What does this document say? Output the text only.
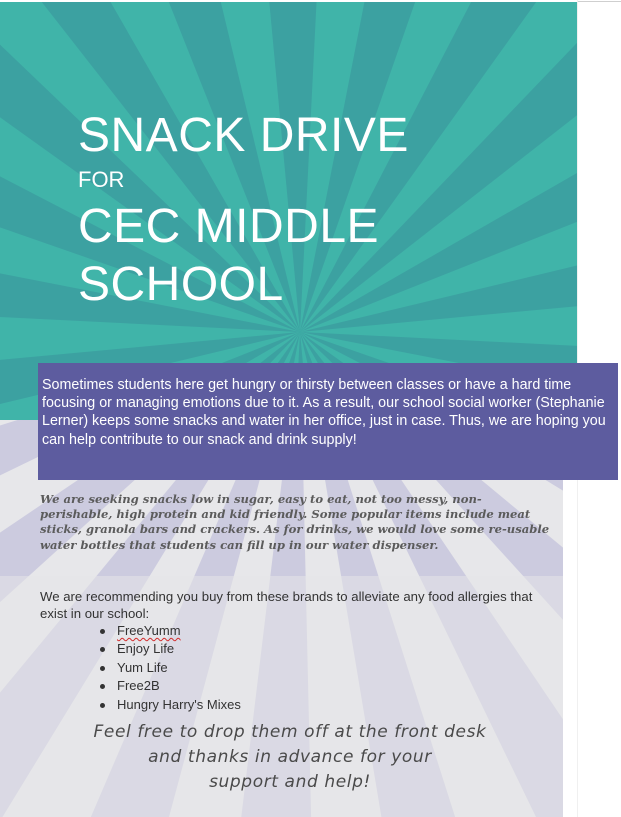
SNACK DRIVE
FOR
CEC MIDDLE
SCHOOL

Sometimes students here get hungry or thirsty between classes or have a hard time focusing or managing emotions due to it. As a result, our school social worker (Stephanie Lerner) keeps some snacks and water in her office, just in case. Thus, we are hoping you can help contribute to our snack and drink supply!

We are seeking snacks low in sugar, easy to eat, not too messy, non-perishable, high protein and kid friendly. Some popular items include meat sticks, granola bars and crackers. As for drinks, we would love some re-usable water bottles that students can fill up in our water dispenser.

We are recommending you buy from these brands to alleviate any food allergies that exist in our school:

FreeYumm
Enjoy Life
Yum Life
Free2B
Hungry Harry's Mixes
Feel free to drop them off at the front desk
and thanks in advance for your
support and help!
